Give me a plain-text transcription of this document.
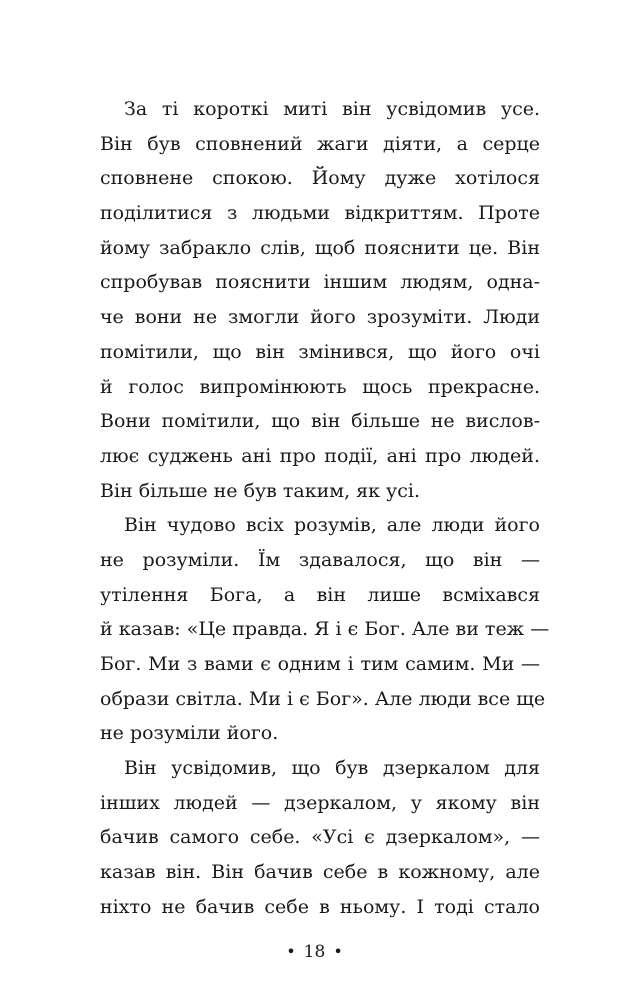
За ті короткі миті він усвідомив усе.
Він був сповнений жаги діяти, а серце
сповнене спокою. Йому дуже хотілося
поділитися з людьми відкриттям. Проте
йому забракло слів, щоб пояснити це. Він
спробував пояснити іншим людям, одна-
че вони не змогли його зрозуміти. Люди
помітили, що він змінився, що його очі
й голос випромінюють щось прекрасне.
Вони помітили, що він більше не вислов-
лює суджень ані про події, ані про людей.
Він більше не був таким, як усі.
Він чудово всіх розумів, але люди його
не розуміли. Їм здавалося, що він —
утілення Бога, а він лише всміхався
й казав: «Це правда. Я і є Бог. Але ви теж —
Бог. Ми з вами є одним і тим самим. Ми —
образи світла. Ми і є Бог». Але люди все ще
не розуміли його.
Він усвідомив, що був дзеркалом для
інших людей — дзеркалом, у якому він
бачив самого себе. «Усі є дзеркалом», —
казав він. Він бачив себе в кожному, але
ніхто не бачив себе в ньому. І тоді стало
• 18 •
